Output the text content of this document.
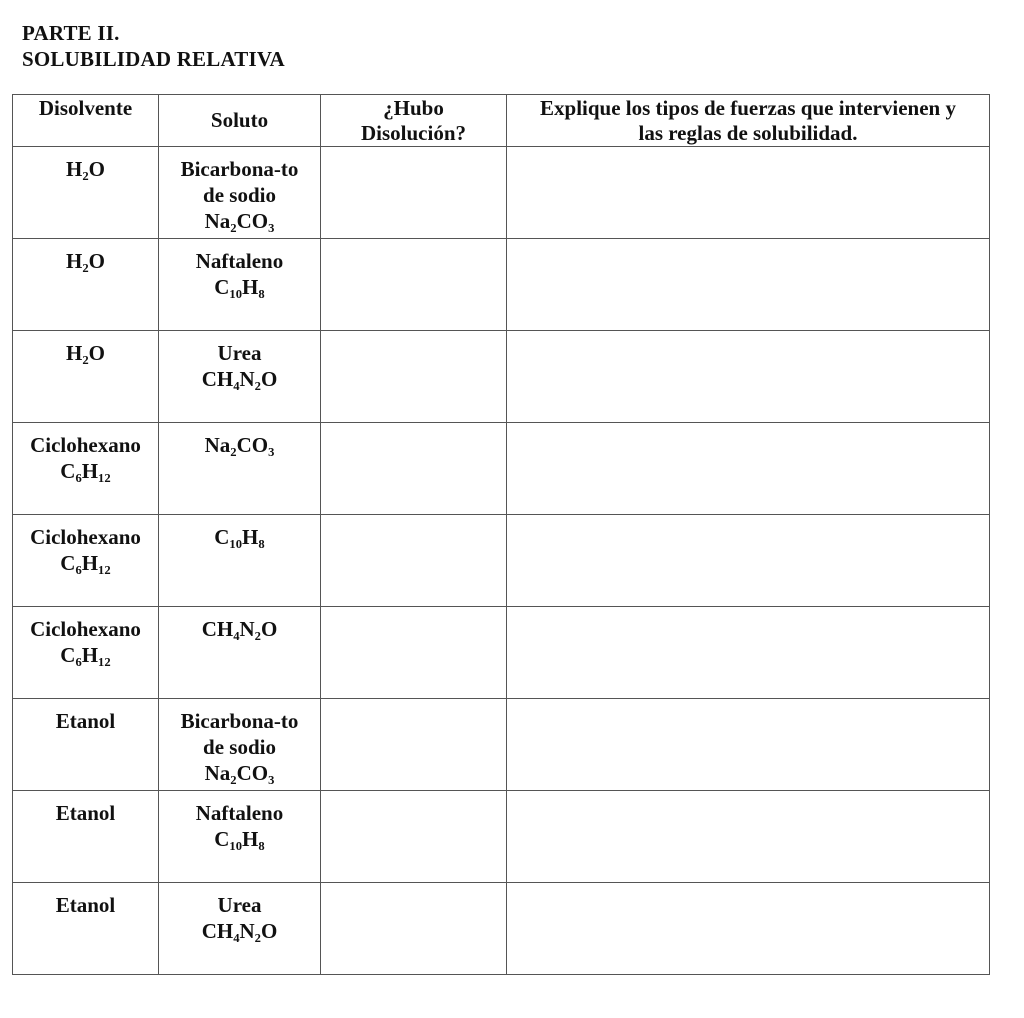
PARTE II.
SOLUBILIDAD RELATIVA
Disolvente	Soluto	¿Hubo
Disolución?	Explique los tipos de fuerzas que intervienen y
las reglas de solubilidad.

H₂O	Bicarbona-to
de sodio
Na₂CO₃		

H₂O	Naftaleno
C₁₀H₈		

H₂O	Urea
CH₄N₂O		

Ciclohexano
C₆H₁₂	Na₂CO₃		

Ciclohexano
C₆H₁₂	C₁₀H₈		

Ciclohexano
C₆H₁₂	CH₄N₂O		

Etanol	Bicarbona-to
de sodio
Na₂CO₃		

Etanol	Naftaleno
C₁₀H₈		

Etanol	Urea
CH₄N₂O		
